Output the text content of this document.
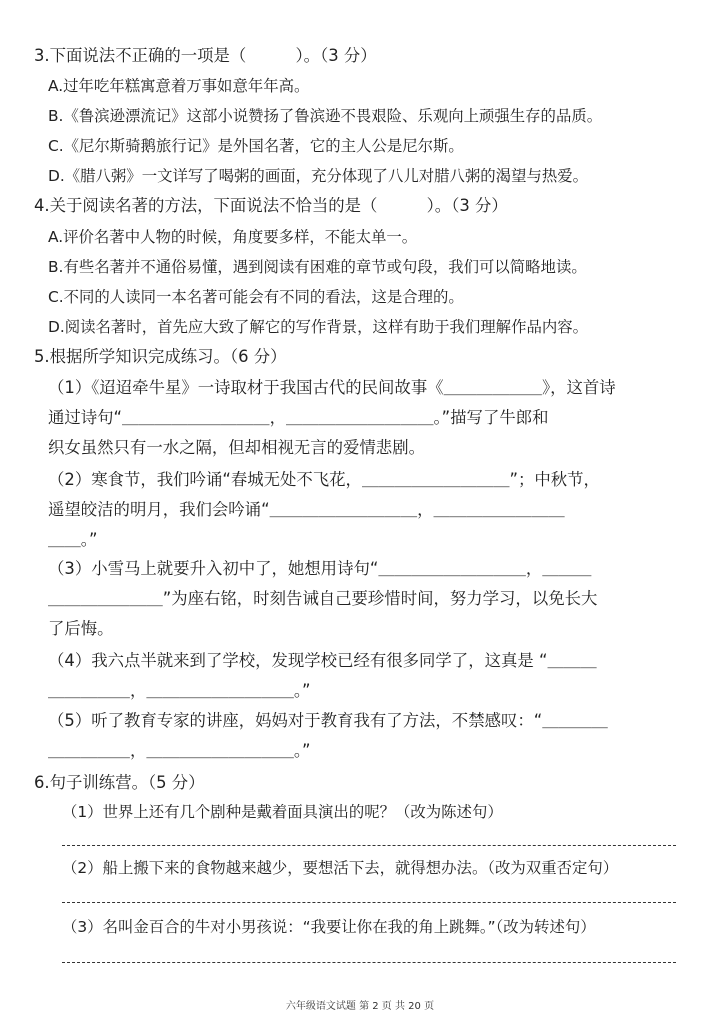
3.下面说法不正确的一项是（　　　）。（3 分）
A.过年吃年糕寓意着万事如意年年高。
B.《鲁滨逊漂流记》这部小说赞扬了鲁滨逊不畏艰险、乐观向上顽强生存的品质。
C.《尼尔斯骑鹅旅行记》是外国名著，它的主人公是尼尔斯。
D.《腊八粥》一文详写了喝粥的画面，充分体现了八儿对腊八粥的渴望与热爱。
4.关于阅读名著的方法，下面说法不恰当的是（　　　）。（3 分）
A.评价名著中人物的时候，角度要多样，不能太单一。
B.有些名著并不通俗易懂，遇到阅读有困难的章节或句段，我们可以简略地读。
C.不同的人读同一本名著可能会有不同的看法，这是合理的。
D.阅读名著时，首先应大致了解它的写作背景，这样有助于我们理解作品内容。
5.根据所学知识完成练习。（6 分）
（1）《迢迢牵牛星》一诗取材于我国古代的民间故事《＿＿＿＿＿＿》，这首诗
通过诗句“＿＿＿＿＿＿＿＿＿，＿＿＿＿＿＿＿＿＿。”描写了牛郎和
织女虽然只有一水之隔，但却相视无言的爱情悲剧。
（2）寒食节，我们吟诵“春城无处不飞花，＿＿＿＿＿＿＿＿＿”；中秋节，
遥望皎洁的明月，我们会吟诵“＿＿＿＿＿＿＿＿＿，＿＿＿＿＿＿＿＿
＿＿。”
（3）小雪马上就要升入初中了，她想用诗句“＿＿＿＿＿＿＿＿＿，＿＿＿
＿＿＿＿＿＿＿”为座右铭，时刻告诫自己要珍惜时间，努力学习，以免长大
了后悔。
（4）我六点半就来到了学校，发现学校已经有很多同学了，这真是 “＿＿＿
＿＿＿＿＿，＿＿＿＿＿＿＿＿＿。”
（5）听了教育专家的讲座，妈妈对于教育我有了方法，不禁感叹：“＿＿＿＿
＿＿＿＿＿，＿＿＿＿＿＿＿＿＿。”
6.句子训练营。（5 分）
（1）世界上还有几个剧种是戴着面具演出的呢？（改为陈述句）
（2）船上搬下来的食物越来越少，要想活下去，就得想办法。（改为双重否定句）
（3）名叫金百合的牛对小男孩说：“我要让你在我的角上跳舞。”（改为转述句）
六年级语文试题 第 2 页 共 20 页
